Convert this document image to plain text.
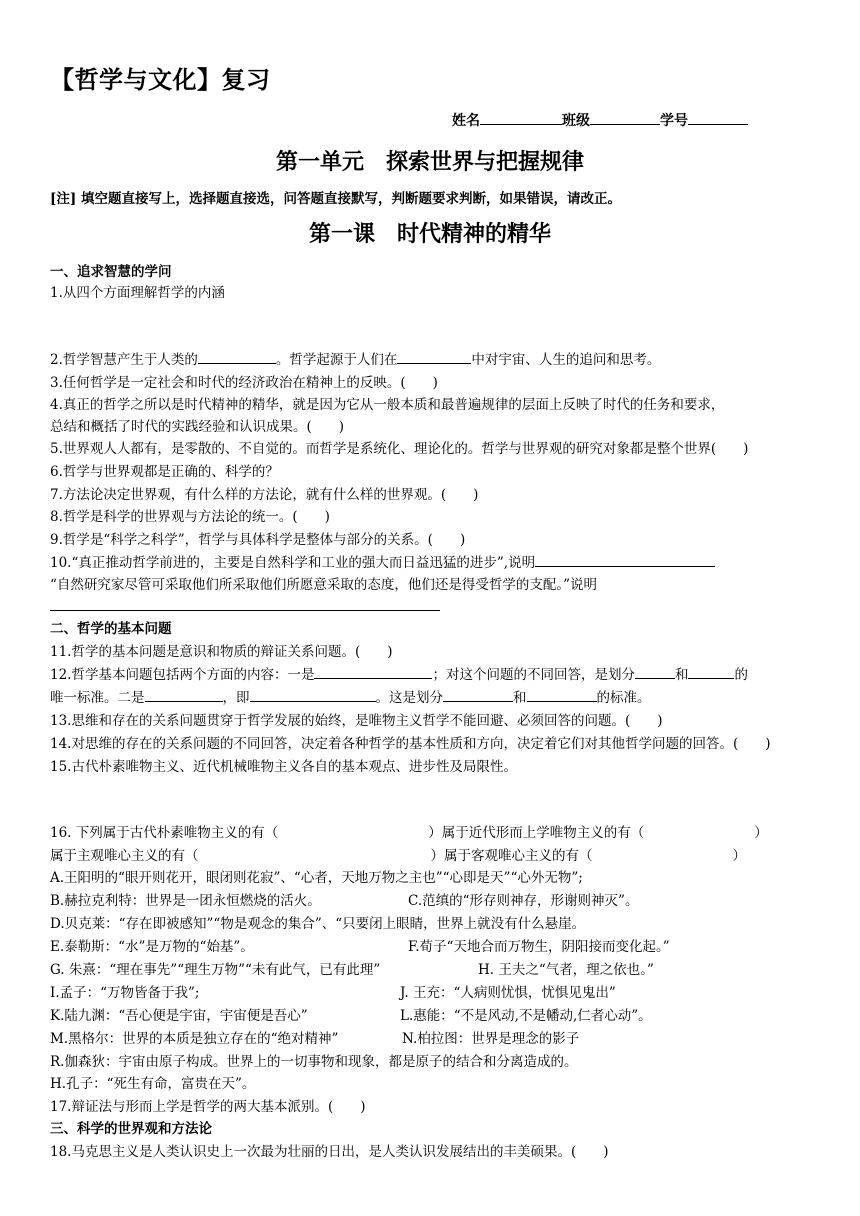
【哲学与文化】复习
姓名	班级	学号
第一单元　探索世界与把握规律
[注] 填空题直接写上，选择题直接选，问答题直接默写，判断题要求判断，如果错误，请改正。
第一课　时代精神的精华
一、追求智慧的学问
1.从四个方面理解哲学的内涵
2.哲学智慧产生于人类的	。哲学起源于人们在	中对宇宙、人生的追问和思考。
3.任何哲学是一定社会和时代的经济政治在精神上的反映。(　　)
4.真正的哲学之所以是时代精神的精华，就是因为它从一般本质和最普遍规律的层面上反映了时代的任务和要求，
总结和概括了时代的实践经验和认识成果。(　　)
5.世界观人人都有，是零散的、不自觉的。而哲学是系统化、理论化的。哲学与世界观的研究对象都是整个世界(　　)
6.哲学与世界观都是正确的、科学的？
7.方法论决定世界观，有什么样的方法论，就有什么样的世界观。(　　)
8.哲学是科学的世界观与方法论的统一。(　　)
9.哲学是“科学之科学”，哲学与具体科学是整体与部分的关系。(　　)
10.“真正推动哲学前进的，主要是自然科学和工业的强大而日益迅猛的进步”,说明
“自然研究家尽管可采取他们所采取他们所愿意采取的态度，他们还是得受哲学的支配。”说明
二、哲学的基本问题
11.哲学的基本问题是意识和物质的辩证关系问题。(　　)
12.哲学基本问题包括两个方面的内容：一是	；对这个问题的不同回答，是划分	和	的
唯一标准。二是	，即	。这是划分	和	的标准。
13.思维和存在的关系问题贯穿于哲学发展的始终，是唯物主义哲学不能回避、必须回答的问题。(　　)
14.对思维的存在的关系问题的不同回答，决定着各种哲学的基本性质和方向，决定着它们对其他哲学问题的回答。(　　)
15.古代朴素唯物主义、近代机械唯物主义各自的基本观点、进步性及局限性。
16. 下列属于古代朴素唯物主义的有（	）属于近代形而上学唯物主义的有（	）
属于主观唯心主义的有（	）属于客观唯心主义的有（	）
A.王阳明的“眼开则花开，眼闭则花寂”、“心者，天地万物之主也”“心即是天”“心外无物”;
B.赫拉克利特：世界是一团永恒燃烧的活火。	C.范缜的“形存则神存，形谢则神灭”。
D.贝克莱：“存在即被感知”“物是观念的集合”、“只要闭上眼睛，世界上就没有什么悬崖。
E.泰勒斯：“水”是万物的“始基”。	F.荀子“天地合而万物生，阴阳接而变化起。”
G. 朱熹：“理在事先”“理生万物”“未有此气，已有此理”	H. 王夫之“气者，理之依也。”
I.孟子：“万物皆备于我”;	J. 王充：“人病则忧惧，忧惧见鬼出”
K.陆九渊：“吾心便是宇宙，宇宙便是吾心”	L.惠能：“不是风动,不是幡动,仁者心动”。
M.黑格尔：世界的本质是独立存在的“绝对精神”	N.柏拉图：世界是理念的影子
R.伽森狄：宇宙由原子构成。世界上的一切事物和现象，都是原子的结合和分离造成的。
H.孔子：“死生有命，富贵在天”。
17.辩证法与形而上学是哲学的两大基本派别。(　　)
三、科学的世界观和方法论
18.马克思主义是人类认识史上一次最为壮丽的日出，是人类认识发展结出的丰美硕果。(　　)
